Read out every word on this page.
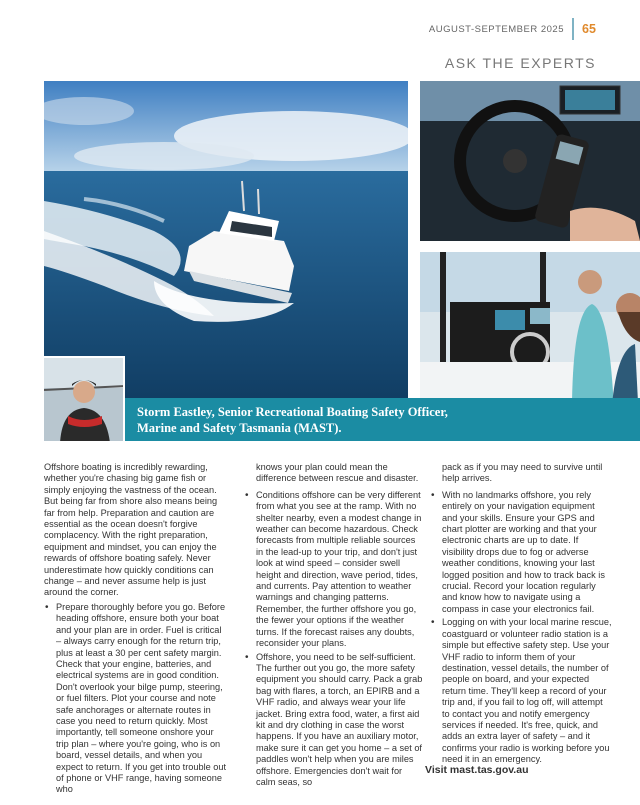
AUGUST-SEPTEMBER 2025 65
ASK THE EXPERTS
Storm Eastley, Senior Recreational Boating Safety Officer,
Marine and Safety Tasmania (MAST).

Offshore boating is incredibly rewarding, whether you're chasing big game fish or simply enjoying the vastness of the ocean. But being far from shore also means being far from help. Preparation and caution are essential as the ocean doesn't forgive complacency. With the right preparation, equipment and mindset, you can enjoy the rewards of offshore boating safely. Never underestimate how quickly conditions can change – and never assume help is just around the corner.

• Prepare thoroughly before you go. Before heading offshore, ensure both your boat and your plan are in order. Fuel is critical – always carry enough for the return trip, plus at least a 30 per cent safety margin. Check that your engine, batteries, and electrical systems are in good condition. Don't overlook your bilge pump, steering, or fuel filters. Plot your course and note safe anchorages or alternate routes in case you need to return quickly. Most importantly, tell someone onshore your trip plan – where you're going, who is on board, vessel details, and when you expect to return. If you get into trouble out of phone or VHF range, having someone who

knows your plan could mean the difference between rescue and disaster.

• Conditions offshore can be very different from what you see at the ramp. With no shelter nearby, even a modest change in weather can become hazardous. Check forecasts from multiple reliable sources in the lead-up to your trip, and don't just look at wind speed – consider swell height and direction, wave period, tides, and currents. Pay attention to weather warnings and changing patterns. Remember, the further offshore you go, the fewer your options if the weather turns. If the forecast raises any doubts, reconsider your plans.
• Offshore, you need to be self-sufficient. The further out you go, the more safety equipment you should carry. Pack a grab bag with flares, a torch, an EPIRB and a VHF radio, and always wear your life jacket. Bring extra food, water, a first aid kit and dry clothing in case the worst happens. If you have an auxiliary motor, make sure it can get you home – a set of paddles won't help when you are miles offshore. Emergencies don't wait for calm seas, so

pack as if you may need to survive until help arrives.

• With no landmarks offshore, you rely entirely on your navigation equipment and your skills. Ensure your GPS and chart plotter are working and that your electronic charts are up to date. If visibility drops due to fog or adverse weather conditions, knowing your last logged position and how to track back is crucial. Record your location regularly and know how to navigate using a compass in case your electronics fail.
• Logging on with your local marine rescue, coastguard or volunteer radio station is a simple but effective safety step. Use your VHF radio to inform them of your destination, vessel details, the number of people on board, and your expected return time. They'll keep a record of your trip and, if you fail to log off, will attempt to contact you and notify emergency services if needed. It's free, quick, and adds an extra layer of safety – and it confirms your radio is working before you need it in an emergency.
Visit mast.tas.gov.au
